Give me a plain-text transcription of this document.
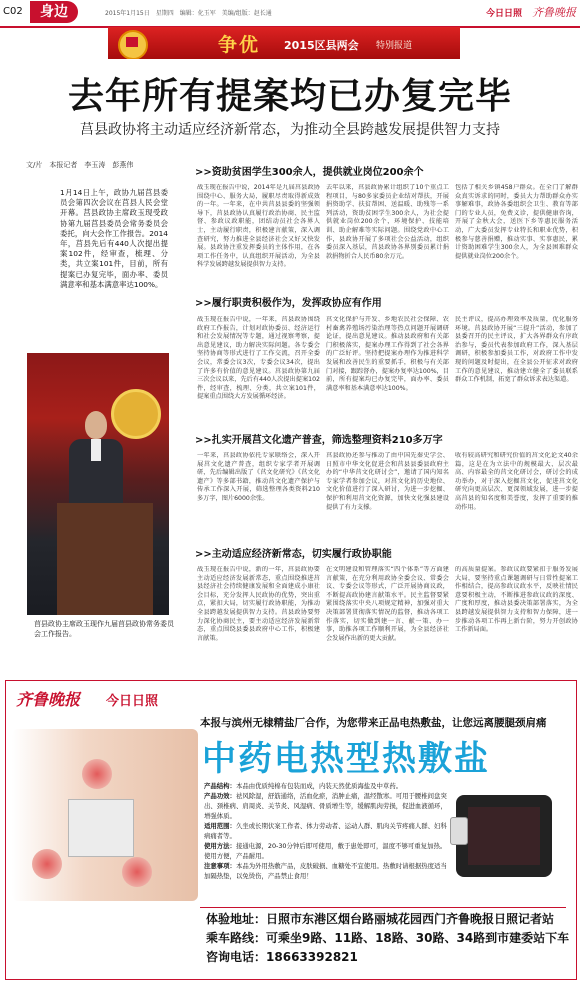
C02	身边	2015年1月15日　星期四　编辑：化玉军　美编/组版：赵长通	今日日照 齐鲁晚报
争优 2015区县两会 特别报道
去年所有提案均已办复完毕
莒县政协将主动适应经济新常态，为推动全县跨越发展提供智力支持
文/片　本报记者　李玉涛　彭燕伟
1月14日上午，政协九届莒县委员会第四次会议在莒县人民会堂开幕。莒县政协主席政玉现受政协第九届莒县委员会常务委员会委托，向大会作工作报告。2014年，莒县先后有440人次提出提案102件，经审查，梳理、分类，共立案101件，目前，所有提案已办复完毕，面办率、委员满意率和基本满意率达100%。
莒县政协主席政玉现作九届莒县政协常务委员会工作报告。
>>资助贫困学生300余人，提供就业岗位200余个
战玉现在报告中说，2014年是九届莒县政协围绕中心、服务大局，履职尽责取得新成效的一年。一年来，在中共莒县县委的坚强领导下，莒县政协认真履行政治协商、民主监督、参政议政职能，团结动员社会各界人士，主动履行职责，积极建言献策，深入调查研究，努力推进全县经济社会又好又快发展。县政协注重发挥委员的主体作用，在各项工作任务中，认真组织开展活动，为全县科学发展跨越发展提供智力支持。
去年以来，莒县政协累计组织了10个重点工程项目，与80多家委员企业结对帮扶，开展捐资助学、扶贫帮困、送温暖、助残等一系列活动，资助贫困学生300余人，为社会提供就业岗位200余个，环境保护、技能培训、助企解难等实际问题。围绕党政中心工作，县政协开展了多项社会公益活动，组织委员深入基层，莒县政协各界别委员累计捐款捐物折合人民币80余万元。
包括了相关乡镇458户群众。在全门了解群众真实诉求的同时，委员大力帮助群众办实事解难事，政协各委组织会卫生、教育等部门的专业人员，免费义诊，提供健康咨询，开展了金秋大会，送医下乡等惠民服务活动，广大委员发挥专业特长和职业优势，积极参与慈善捐赠，推动实事、实事惠民，累计资助困难学生300余人，为全县困难群众提供就业岗位200余个。
>>履行职责积极作为，发挥政协应有作用
战玉现在报告中说，一年来，莒县政协围绕政府工作报告，计划对政协委员、经济运行和社会发展情况等专题，通过视察考察，提出意见建议，助力解决实际问题。各专委会坚持协商等形式进行了工作交流，召开全委会议，常委会议3次，专委会议34次，提出了许多有价值的意见建议。莒县政协第九届三次会议以来，先后有440人次提出提案102件，经审查，梳理、分类，共立案101件，提案重点围绕大方发展循环经济。
莒文化保护与开发、乡地农民社会保障、农村畜禽养殖场污染治理等热点问题开展调研论证，提出意见建议。推动县政府和有关部门积极落实，提案办理工作得到了社会各界的广泛好评。坚持把提案办理作为推进科学发展和改善民生的重要抓手，积极与有关部门对接，跟踪督办，提案办复率达100%，目前，所有提案均已办复完毕，面办率、委员满意率和基本满意率达100%。
民主评议，提高办理效率及质量，优化服务环境。莒县政协开展“三提升”活动，参加了县委召开的民主评议，扩大各界群众有序政治参与，委员代表参加政府工作，深入基层调研，积极参加委员工作，对政府工作中发现的问题及时提出，在全县公开征求对政府工作的意见建议，推动建立健全了委员联系群众工作机制，拓宽了群众诉求表达渠道。
>>扎实开展莒文化遗产普查，筛选整理资料210多万字
一年来，莒县政协依托专家联络会，深入开展莒文化遗产普查，组织专家学者开展调研，先后编辑出版了《莒文化研究》《莒文化遗产》等多部书籍，推动莒文化遗产保护与传承工作深入开展，筛选整理各类资料210多万字，图片6000余张。
莒县政协还参与推动了由中国先秦史学会、日照市中华文化促进会和莒县县委县政府主办的“中华莒文化研讨会”，邀请了国内知名专家学者参加会议，对莒文化的历史地位、文化价值进行了深入研讨，为进一步挖掘、保护和利用莒文化资源，加快文化强县建设提供了有力支撑。
收有较高研究和研究价值的莒文化论文40余篇，这是在为立法中的规模最大、层次最高、内容最全的莒文化研讨会，研讨会的成功举办，对于深入挖掘莒文化，促进莒文化研究向更高层次、更深领域发展，进一步提高莒县的知名度和美誉度，发挥了重要的推动作用。
>>主动适应经济新常态，切实履行政协职能
战玉现在报告中说，新的一年，莒县政协要主动适应经济发展新常态，重点围绕推进莒县经济社会持续健康发展和全面建成小康社会目标，充分发挥人民政协的优势，突出重点，紧扣大局，切实履行政协职能，为推动全县跨越发展提供智力支持。莒县政协要努力深化协商民主，要主动适应经济发展新常态，重点围绕县委县政府中心工作，积极建言献策。
在文明建设和管理落实“四个体系”等方面建言献策，在充分利用政协全委会议、常委会议、专委会议等形式，广泛开展协商议政，不断提高政协建言献策水平。民主监督要紧紧围绕落实中央八项规定精神，加强对重大决策部署贯彻落实情况的监督，推动各项工作落实，切实做到建一言、献一策、办一事，助推各项工作顺利开展，为全县经济社会发展作出新的更大贡献。
的高质量提案。参政议政要紧扣于服务发展大局，要坚持重点课题调研与日常性提案工作相结合，提高参政议政水平，反映社情民意要积极主动，不断推进参政议政的深度、广度和厚度，推动县委决策部署落实，为全县跨越发展提供智力支持和智力保障，进一步推动各项工作再上新台阶，努力开创政协工作新局面。
齐鲁晚报 今日日照
本报与滨州无棣精盐厂合作，为您带来正品电热敷盐，让您远离腰腿颈肩痛
中药电热型热敷盐
产品结构：本品由优质纯棉布包装而成，内装天然优质海盐及中草药。
产品功效：祛风除湿，舒筋通络，活血化瘀，消肿止痛，温经散寒。可用于腰椎间盘突出、颈椎病、肩周炎、关节炎、风湿病、骨质增生等，缓解肌肉劳损，促进血液循环，增强体质。
适用范围：久坐或长期伏案工作者、体力劳动者、运动人群、肌肉关节疼痛人群、妇科病痛者等。
使用方法：接通电源，20-30分钟后即可使用，敷于患处即可，温度不够可重复加热。使用方便，产品耐用。
注意事项：本品为外用热敷产品，皮肤破损、血糖处不宜使用。热敷时请根据热度适当加隔热垫，以免烫伤，产品禁止食用！
体验地址：日照市东港区烟台路丽城花园西门齐鲁晚报日照记者站
乘车路线：可乘坐9路、11路、18路、30路、34路到市建委站下车
咨询电话：18663392821
